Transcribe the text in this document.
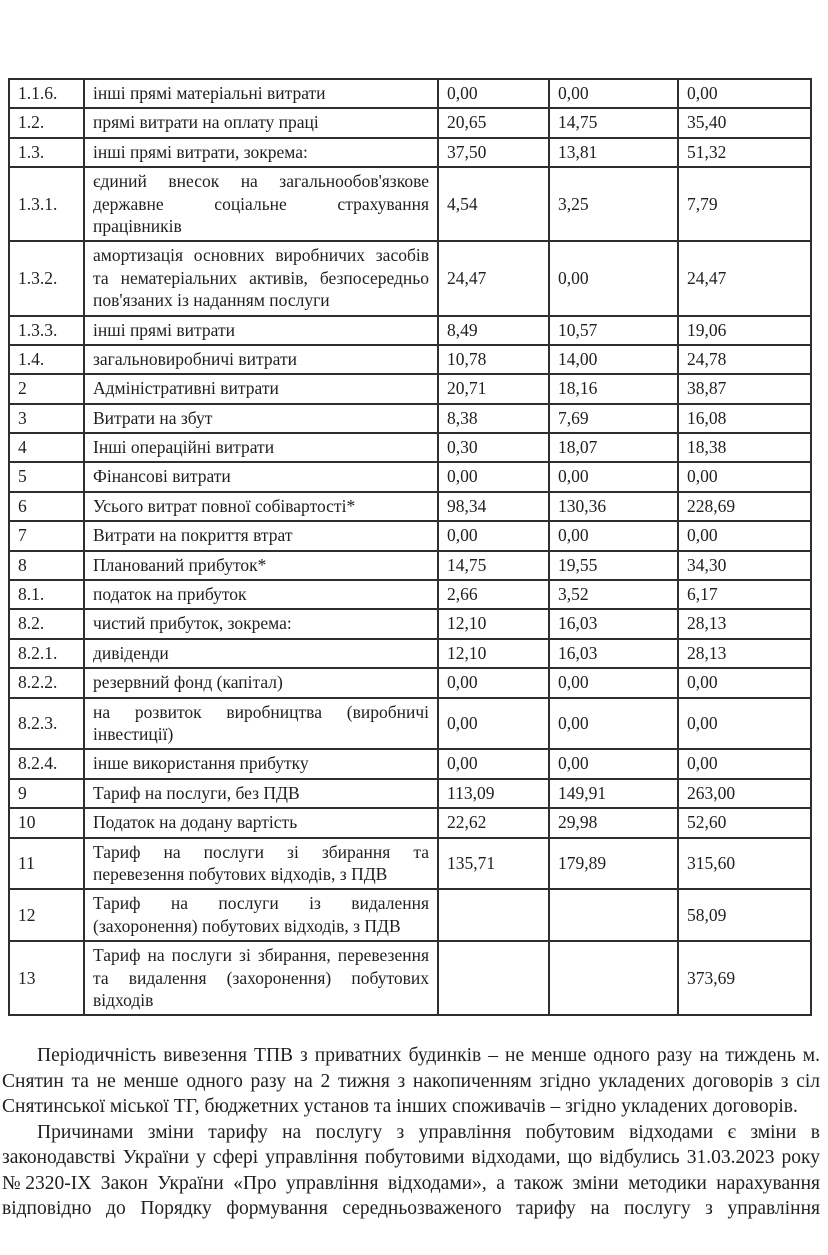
1.1.6.	інші прямі матеріальні витрати	0,00	0,00	0,00
1.2.	прямі витрати на оплату праці	20,65	14,75	35,40
1.3.	інші прямі витрати, зокрема:	37,50	13,81	51,32
1.3.1.	єдиний внесок на загальнообов'язкове державне соціальне страхування працівників	4,54	3,25	7,79
1.3.2.	амортизація основних виробничих засобів та нематеріальних активів, безпосередньо пов'язаних із наданням послуги	24,47	0,00	24,47
1.3.3.	інші прямі витрати	8,49	10,57	19,06
1.4.	загальновиробничі витрати	10,78	14,00	24,78
2	Адміністративні витрати	20,71	18,16	38,87
3	Витрати на збут	8,38	7,69	16,08
4	Інші операційні витрати	0,30	18,07	18,38
5	Фінансові витрати	0,00	0,00	0,00
6	Усього витрат повної собівартості*	98,34	130,36	228,69
7	Витрати на покриття втрат	0,00	0,00	0,00
8	Планований прибуток*	14,75	19,55	34,30
8.1.	податок на прибуток	2,66	3,52	6,17
8.2.	чистий прибуток, зокрема:	12,10	16,03	28,13
8.2.1.	дивіденди	12,10	16,03	28,13
8.2.2.	резервний фонд (капітал)	0,00	0,00	0,00
8.2.3.	на розвиток виробництва (виробничі інвестиції)	0,00	0,00	0,00
8.2.4.	інше використання прибутку	0,00	0,00	0,00
9	Тариф на послуги, без ПДВ	113,09	149,91	263,00
10	Податок на додану вартість	22,62	29,98	52,60
11	Тариф на послуги зі збирання та перевезення побутових відходів, з ПДВ	135,71	179,89	315,60
12	Тариф на послуги із видалення (захоронення) побутових відходів, з ПДВ			58,09
13	Тариф на послуги зі збирання, перевезення та видалення (захоронення) побутових відходів			373,69

Періодичність вивезення ТПВ з приватних будинків – не менше одного разу на тиждень м. Снятин та не менше одного разу на 2 тижня з накопиченням згідно укладених договорів з сіл Снятинської міської ТГ, бюджетних установ та інших споживачів – згідно укладених договорів.

Причинами зміни тарифу на послугу з управління побутовим відходами є зміни в законодавстві України у сфері управління побутовими відходами, що відбулись 31.03.2023 року №2320-IX Закон України «Про управління відходами», а також зміни методики нарахування відповідно до Порядку формування середньозваженого тарифу на послугу з управління
